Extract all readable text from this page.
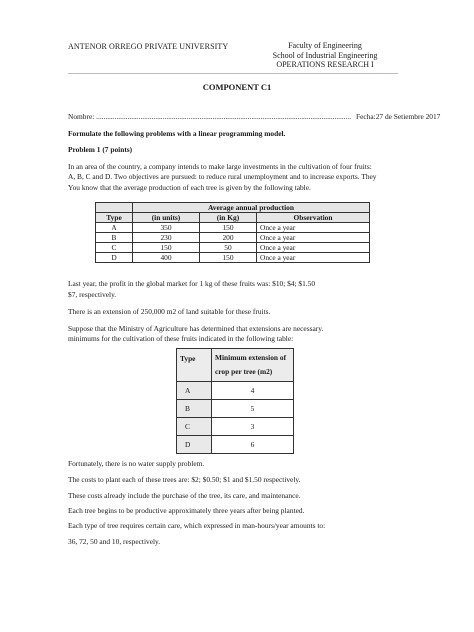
ANTENOR ORREGO PRIVATE UNIVERSITY	Faculty of Engineering
School of Industrial Engineering
OPERATIONS RESEARCH I
COMPONENT C1
Nombre: .......................................................................................................................................... Fecha:27 de Setiembre 2017
Formulate the following problems with a linear programming model.
Problem 1 (7 points)
In an area of the country, a company intends to make large investments in the cultivation of four fruits:
A, B, C and D. Two objectives are pursued: to reduce rural unemployment and to increase exports. They
You know that the average production of each tree is given by the following table.
	Average annual production		
Type	(in units)	(in Kg)	Observation
A	350	150	Once a year
B	230	200	Once a year
C	150	50	Once a year
D	400	150	Once a year
Last year, the profit in the global market for 1 kg of these fruits was: $10; $4; $1.50
$7, respectively.
There is an extension of 250,000 m2 of land suitable for these fruits.
Suppose that the Ministry of Agriculture has determined that extensions are necessary.
minimums for the cultivation of these fruits indicated in the following table:
Type	Minimum extension of crop per tree (m2)
A	4
B	5
C	3
D	6
Fortunately, there is no water supply problem.
The costs to plant each of these trees are: $2; $0.50; $1 and $1.50 respectively.
These costs already include the purchase of the tree, its care, and maintenance.
Each tree begins to be productive approximately three years after being planted.
Each type of tree requires certain care, which expressed in man-hours/year amounts to:
36, 72, 50 and 10, respectively.
